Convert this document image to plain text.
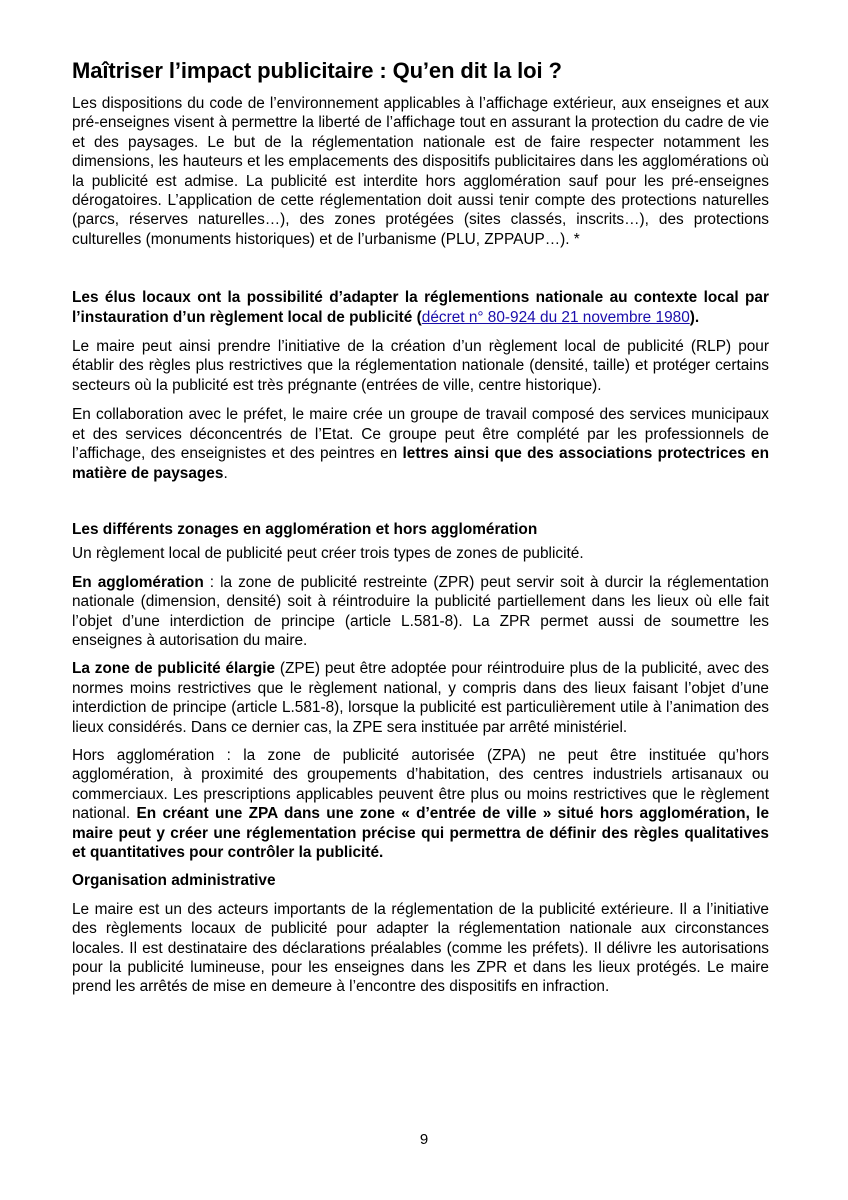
Maîtriser l’impact publicitaire : Qu’en dit la loi ?

Les dispositions du code de l’environnement applicables à l’affichage extérieur, aux enseignes et aux pré-enseignes visent à permettre la liberté de l’affichage tout en assurant la protection du cadre de vie et des paysages. Le but de la réglementation nationale est de faire respecter notamment les dimensions, les hauteurs et les emplacements des dispositifs publicitaires dans les agglomérations où la publicité est admise. La publicité est interdite hors agglomération sauf pour les pré-enseignes dérogatoires. L’application de cette réglementation doit aussi tenir compte des protections naturelles (parcs, réserves naturelles…), des zones protégées (sites classés, inscrits…), des protections culturelles (monuments historiques) et de l’urbanisme (PLU, ZPPAUP…). *

Les élus locaux ont la possibilité d’adapter la réglementions nationale au contexte local par l’instauration d’un règlement local de publicité (décret n° 80-924 du 21 novembre 1980).

Le maire peut ainsi prendre l’initiative de la création d’un règlement local de publicité (RLP) pour établir des règles plus restrictives que la réglementation nationale (densité, taille) et protéger certains secteurs où la publicité est très prégnante (entrées de ville, centre historique).

En collaboration avec le préfet, le maire crée un groupe de travail composé des services municipaux et des services déconcentrés de l’Etat. Ce groupe peut être complété par les professionnels de l’affichage, des enseignistes et des peintres en lettres ainsi que des associations protectrices en matière de paysages.

Les différents zonages en agglomération et hors agglomération

Un règlement local de publicité peut créer trois types de zones de publicité.

En agglomération : la zone de publicité restreinte (ZPR) peut servir soit à durcir la réglementation nationale (dimension, densité) soit à réintroduire la publicité partiellement dans les lieux où elle fait l’objet d’une interdiction de principe (article L.581-8). La ZPR permet aussi de soumettre les enseignes à autorisation du maire.

La zone de publicité élargie (ZPE) peut être adoptée pour réintroduire plus de la publicité, avec des normes moins restrictives que le règlement national, y compris dans des lieux faisant l’objet d’une interdiction de principe (article L.581-8), lorsque la publicité est particulièrement utile à l’animation des lieux considérés. Dans ce dernier cas, la ZPE sera instituée par arrêté ministériel.

Hors agglomération : la zone de publicité autorisée (ZPA) ne peut être instituée qu’hors agglomération, à proximité des groupements d’habitation, des centres industriels artisanaux ou commerciaux. Les prescriptions applicables peuvent être plus ou moins restrictives que le règlement national. En créant une ZPA dans une zone « d’entrée de ville » situé hors agglomération, le maire peut y créer une réglementation précise qui permettra de définir des règles qualitatives et quantitatives pour contrôler la publicité.

Organisation administrative

Le maire est un des acteurs importants de la réglementation de la publicité extérieure. Il a l’initiative des règlements locaux de publicité pour adapter la réglementation nationale aux circonstances locales. Il est destinataire des déclarations préalables (comme les préfets). Il délivre les autorisations pour la publicité lumineuse, pour les enseignes dans les ZPR et dans les lieux protégés. Le maire prend les arrêtés de mise en demeure à l’encontre des dispositifs en infraction.

9
